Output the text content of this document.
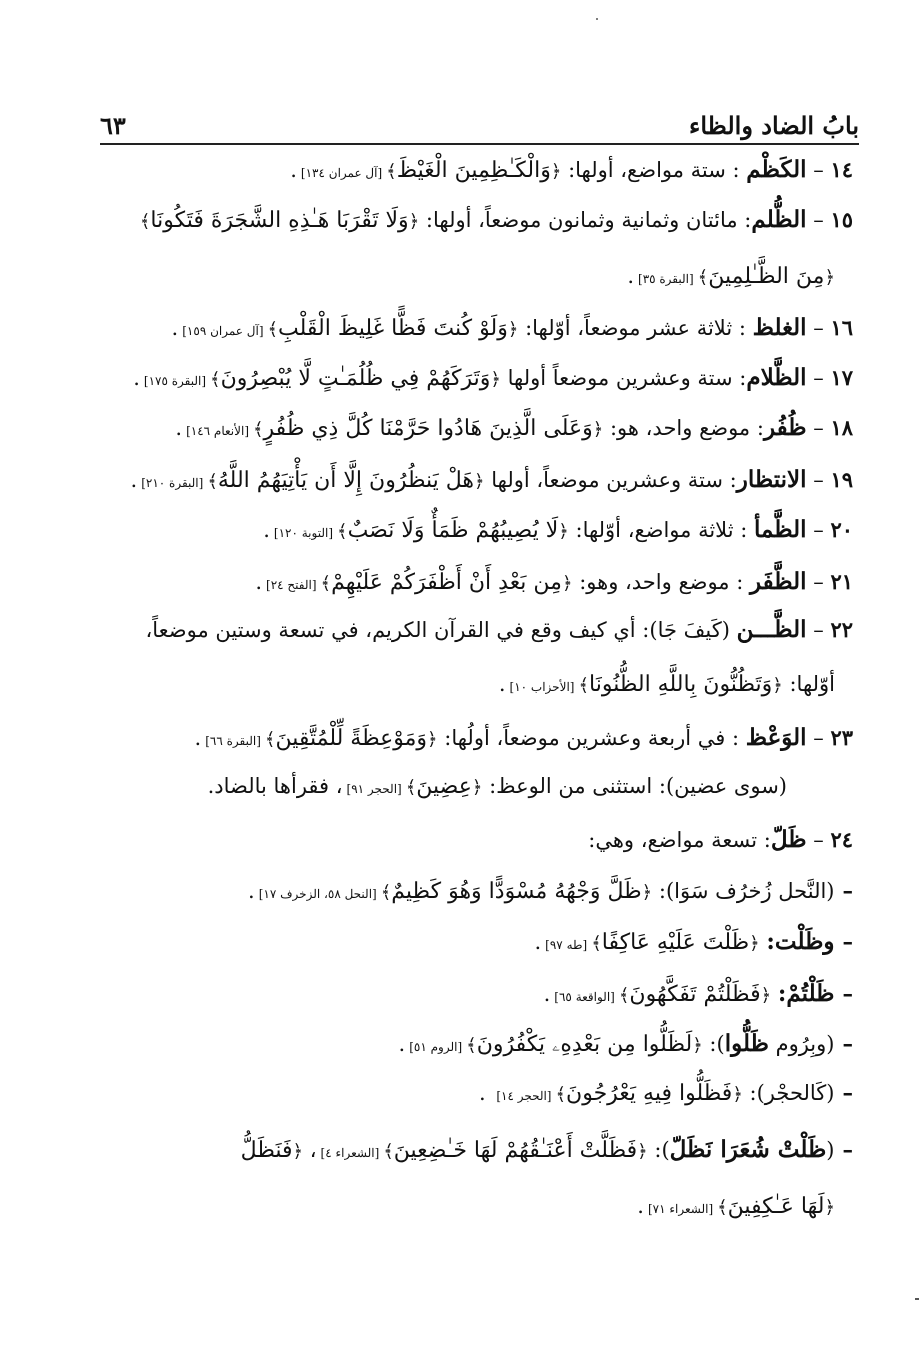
بابُ الضاد والظاء
٦٣
١٤ – الكَظْم : ستة مواضع، أولها: ﴿وَالْكَـٰظِمِينَ الْغَيْظَ﴾[آل عمران ١٣٤].
١٥ – الظُّلم: مائتان وثمانية وثمانون موضعاً، أولها: ﴿وَلَا تَقْرَبَا هَـٰذِهِ الشَّجَرَةَ فَتَكُونَا﴾
﴿مِنَ الظَّـٰلِمِينَ﴾[البقرة ٣٥].
١٦ – الغلظ : ثلاثة عشر موضعاً، أوّلها: ﴿وَلَوْ كُنتَ فَظًّا غَلِيظَ الْقَلْبِ﴾[آل عمران ١٥٩].
١٧ – الظَّلام: ستة وعشرين موضعاً أولها ﴿وَتَرَكَهُمْ فِي ظُلُمَـٰتٍ لَّا يُبْصِرُونَ﴾[البقرة ١٧٥].
١٨ – ظُفُر: موضع واحد، هو: ﴿وَعَلَى الَّذِينَ هَادُوا حَرَّمْنَا كُلَّ ذِي ظُفُرٍ﴾[الأنعام ١٤٦].
١٩ – الانتظار: ستة وعشرين موضعاً، أولها ﴿هَلْ يَنظُرُونَ إِلَّا أَن يَأْتِيَهُمُ اللَّهُ﴾[البقرة ٢١٠].
٢٠ – الظَّمأ : ثلاثة مواضع، أوّلها: ﴿لَا يُصِيبُهُمْ ظَمَأٌ وَلَا نَصَبٌ﴾[التوبة ١٢٠].
٢١ – الظَّفَر : موضع واحد، وهو: ﴿مِن بَعْدِ أَنْ أَظْفَرَكُمْ عَلَيْهِمْ﴾[الفتح ٢٤].
٢٢ – الظَّـــن (كَيفَ جَا): أي كيف وقع في القرآن الكريم، في تسعة وستين موضعاً،
أوّلها: ﴿وَتَظُنُّونَ بِاللَّهِ الظُّنُونَا﴾[الأحزاب ١٠].
٢٣ – الوَعْظ : في أربعة وعشرين موضعاً، أولُها: ﴿وَمَوْعِظَةً لِّلْمُتَّقِينَ﴾[البقرة ٦٦].
(سوى عضين): استثنى من الوعظ: ﴿عِضِينَ﴾[الحجر ٩١]، فقرأها بالضاد.
٢٤ – ظَلّ: تسعة مواضع، وهي:
–(النَّحل زُخرُف سَوَا): ﴿ظَلَّ وَجْهُهُ مُسْوَدًّا وَهُوَ كَظِيمٌ﴾[النحل ٥٨، الزخرف ١٧].
–وظَلْت: ﴿ظَلْتَ عَلَيْهِ عَاكِفًا﴾[طه ٩٧].
–ظَلْتُمْ: ﴿فَظَلْتُمْ تَفَكَّهُونَ﴾[الواقعة ٦٥].
–(وبِرُوم ظَلُّوا): ﴿لَظَلُّوا مِن بَعْدِهِۦ يَكْفُرُونَ﴾[الروم ٥١].
–(كَالحجْر): ﴿فَظَلُّوا فِيهِ يَعْرُجُونَ﴾[الحجر ١٤] .
–(ظَلْتْ شُعَرَا نَظَلّ): ﴿فَظَلَّتْ أَعْنَـٰقُهُمْ لَهَا خَـٰضِعِينَ﴾[الشعراء ٤]، ﴿فَنَظَلُّ
﴿لَهَا عَـٰكِفِينَ﴾[الشعراء ٧١].
